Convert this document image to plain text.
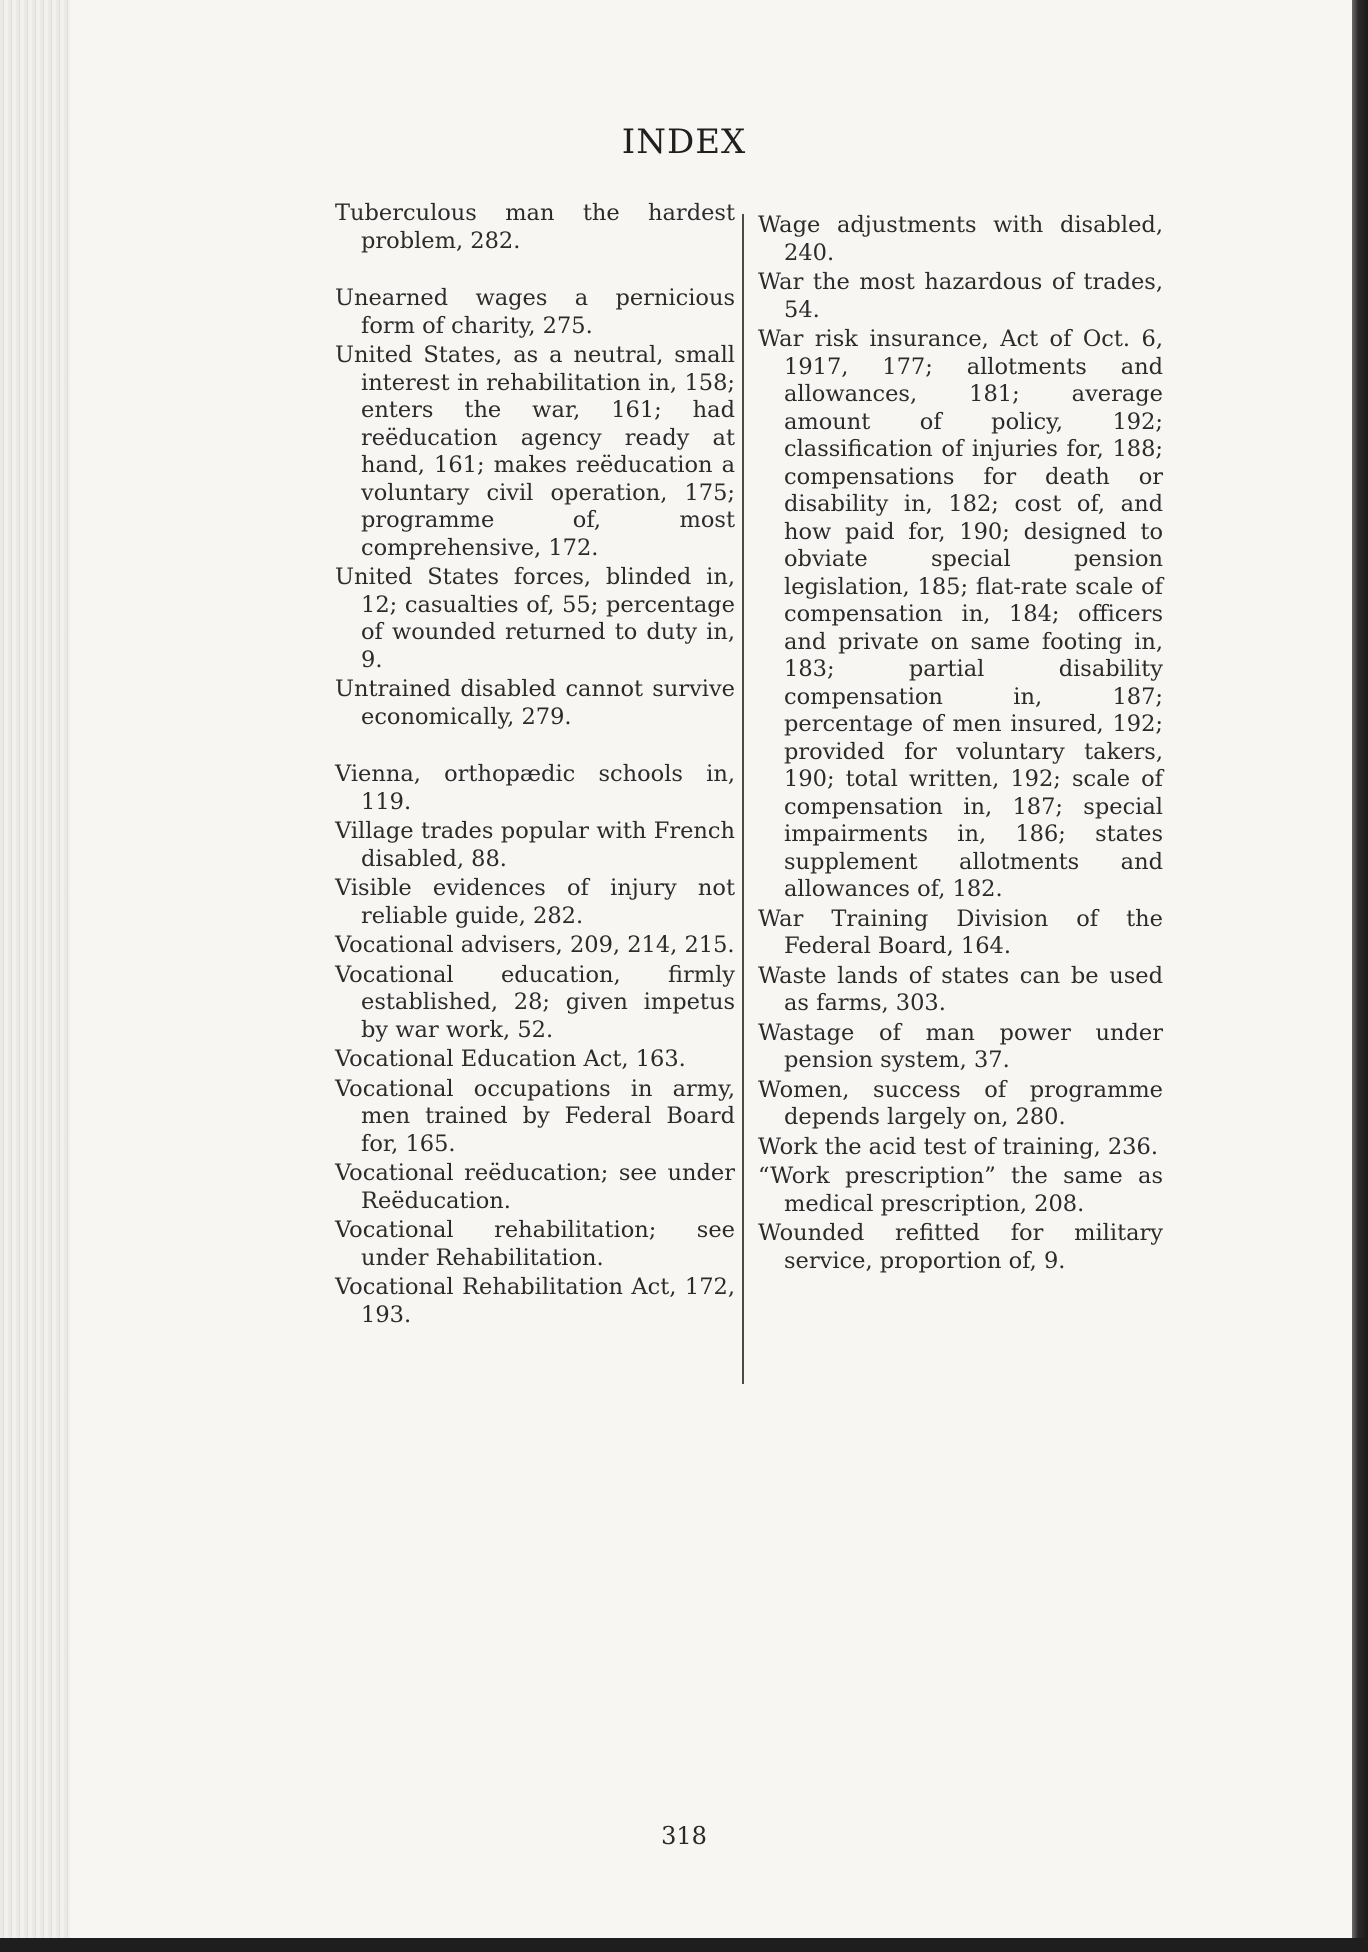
INDEX

Tuberculous man the hardest problem, 282.

Unearned wages a pernicious form of charity, 275.

United States, as a neutral, small interest in rehabilitation in, 158; enters the war, 161; had reëducation agency ready at hand, 161; makes reëducation a voluntary civil operation, 175; programme of, most comprehensive, 172.

United States forces, blinded in, 12; casualties of, 55; percentage of wounded returned to duty in, 9.

Untrained disabled cannot survive economically, 279.

Vienna, orthopædic schools in, 119.

Village trades popular with French disabled, 88.

Visible evidences of injury not reliable guide, 282.

Vocational advisers, 209, 214, 215.

Vocational education, firmly established, 28; given impetus by war work, 52.

Vocational Education Act, 163.

Vocational occupations in army, men trained by Federal Board for, 165.

Vocational reëducation; see under Reëducation.

Vocational rehabilitation; see under Rehabilitation.

Vocational Rehabilitation Act, 172, 193.

Wage adjustments with disabled, 240.

War the most hazardous of trades, 54.

War risk insurance, Act of Oct. 6, 1917, 177; allotments and allowances, 181; average amount of policy, 192; classification of injuries for, 188; compensations for death or disability in, 182; cost of, and how paid for, 190; designed to obviate special pension legislation, 185; flat-rate scale of compensation in, 184; officers and private on same footing in, 183; partial disability compensation in, 187; percentage of men insured, 192; provided for voluntary takers, 190; total written, 192; scale of compensation in, 187; special impairments in, 186; states supplement allotments and allowances of, 182.

War Training Division of the Federal Board, 164.

Waste lands of states can be used as farms, 303.

Wastage of man power under pension system, 37.

Women, success of programme depends largely on, 280.

Work the acid test of training, 236.

“Work prescription” the same as medical prescription, 208.

Wounded refitted for military service, proportion of, 9.

318
